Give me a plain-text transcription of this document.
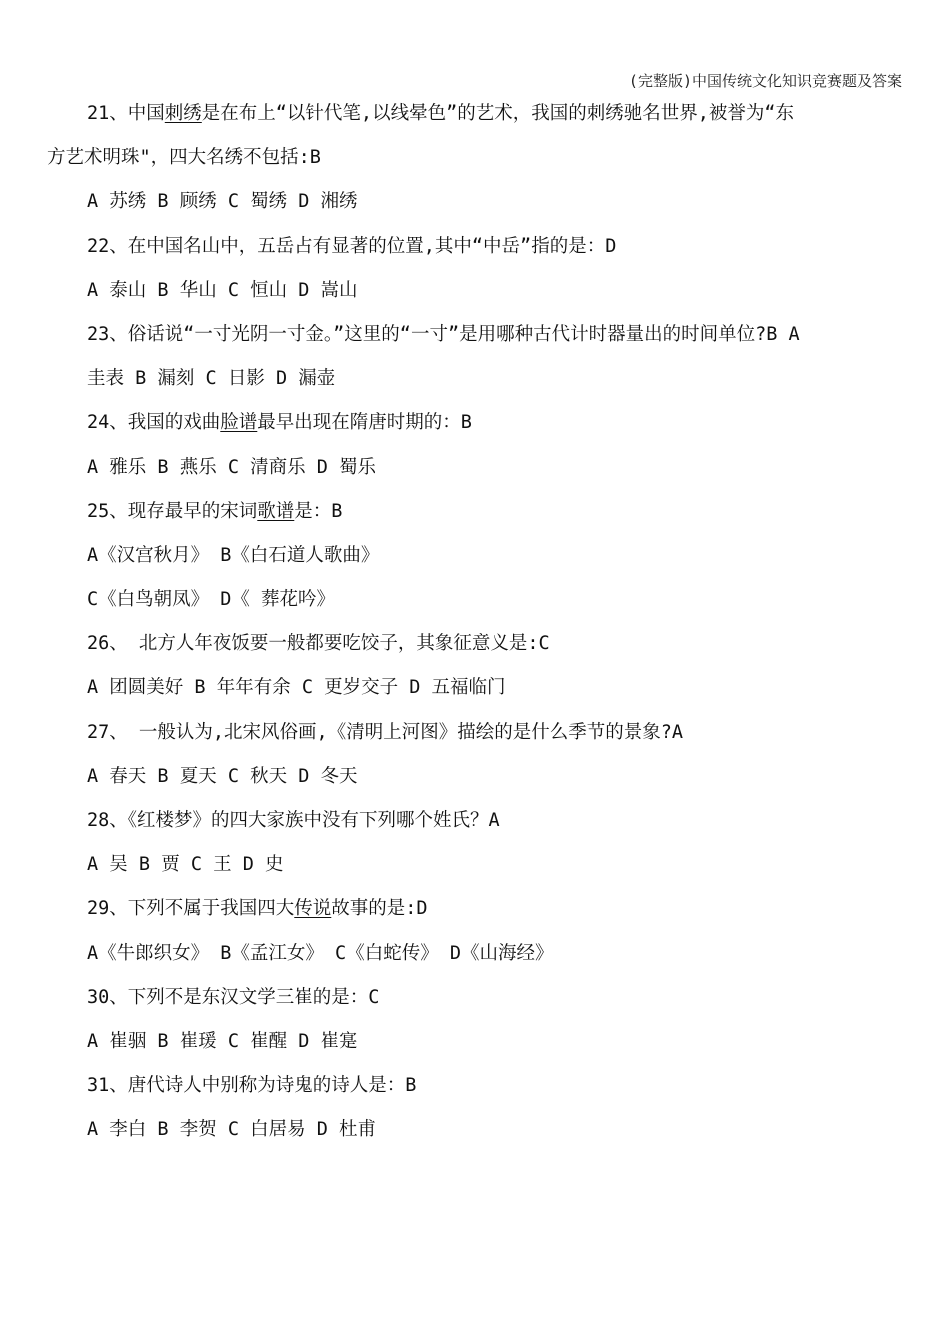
(完整版)中国传统文化知识竞赛题及答案
21、中国刺绣是在布上“以针代笔,以线晕色”的艺术，我国的刺绣驰名世界,被誉为“东
方艺术明珠"，四大名绣不包括:B
A 苏绣 B 顾绣 C 蜀绣 D 湘绣
22、在中国名山中，五岳占有显著的位置,其中“中岳”指的是：D
A 泰山 B 华山 C 恒山 D 嵩山
23、俗话说“一寸光阴一寸金。”这里的“一寸”是用哪种古代计时器量出的时间单位?B A
圭表 B 漏刻 C 日影 D 漏壶
24、我国的戏曲脸谱最早出现在隋唐时期的：B
A 雅乐 B 燕乐 C 清商乐 D 蜀乐
25、现存最早的宋词歌谱是：B
A《汉宫秋月》 B《白石道人歌曲》
C《白鸟朝凤》 D《 葬花吟》
26、 北方人年夜饭要一般都要吃饺子，其象征意义是:C
A 团圆美好 B 年年有余 C 更岁交子 D 五福临门
27、 一般认为,北宋风俗画,《清明上河图》描绘的是什么季节的景象?A
A 春天 B 夏天 C 秋天 D 冬天
28、《红楼梦》的四大家族中没有下列哪个姓氏？A
A 吴 B 贾 C 王 D 史
29、下列不属于我国四大传说故事的是:D
A《牛郎织女》 B《孟江女》 C《白蛇传》 D《山海经》
30、下列不是东汉文学三崔的是：C
A 崔骃 B 崔瑗 C 崔醒 D 崔寔
31、唐代诗人中别称为诗鬼的诗人是：B
A 李白 B 李贺 C 白居易 D 杜甫
